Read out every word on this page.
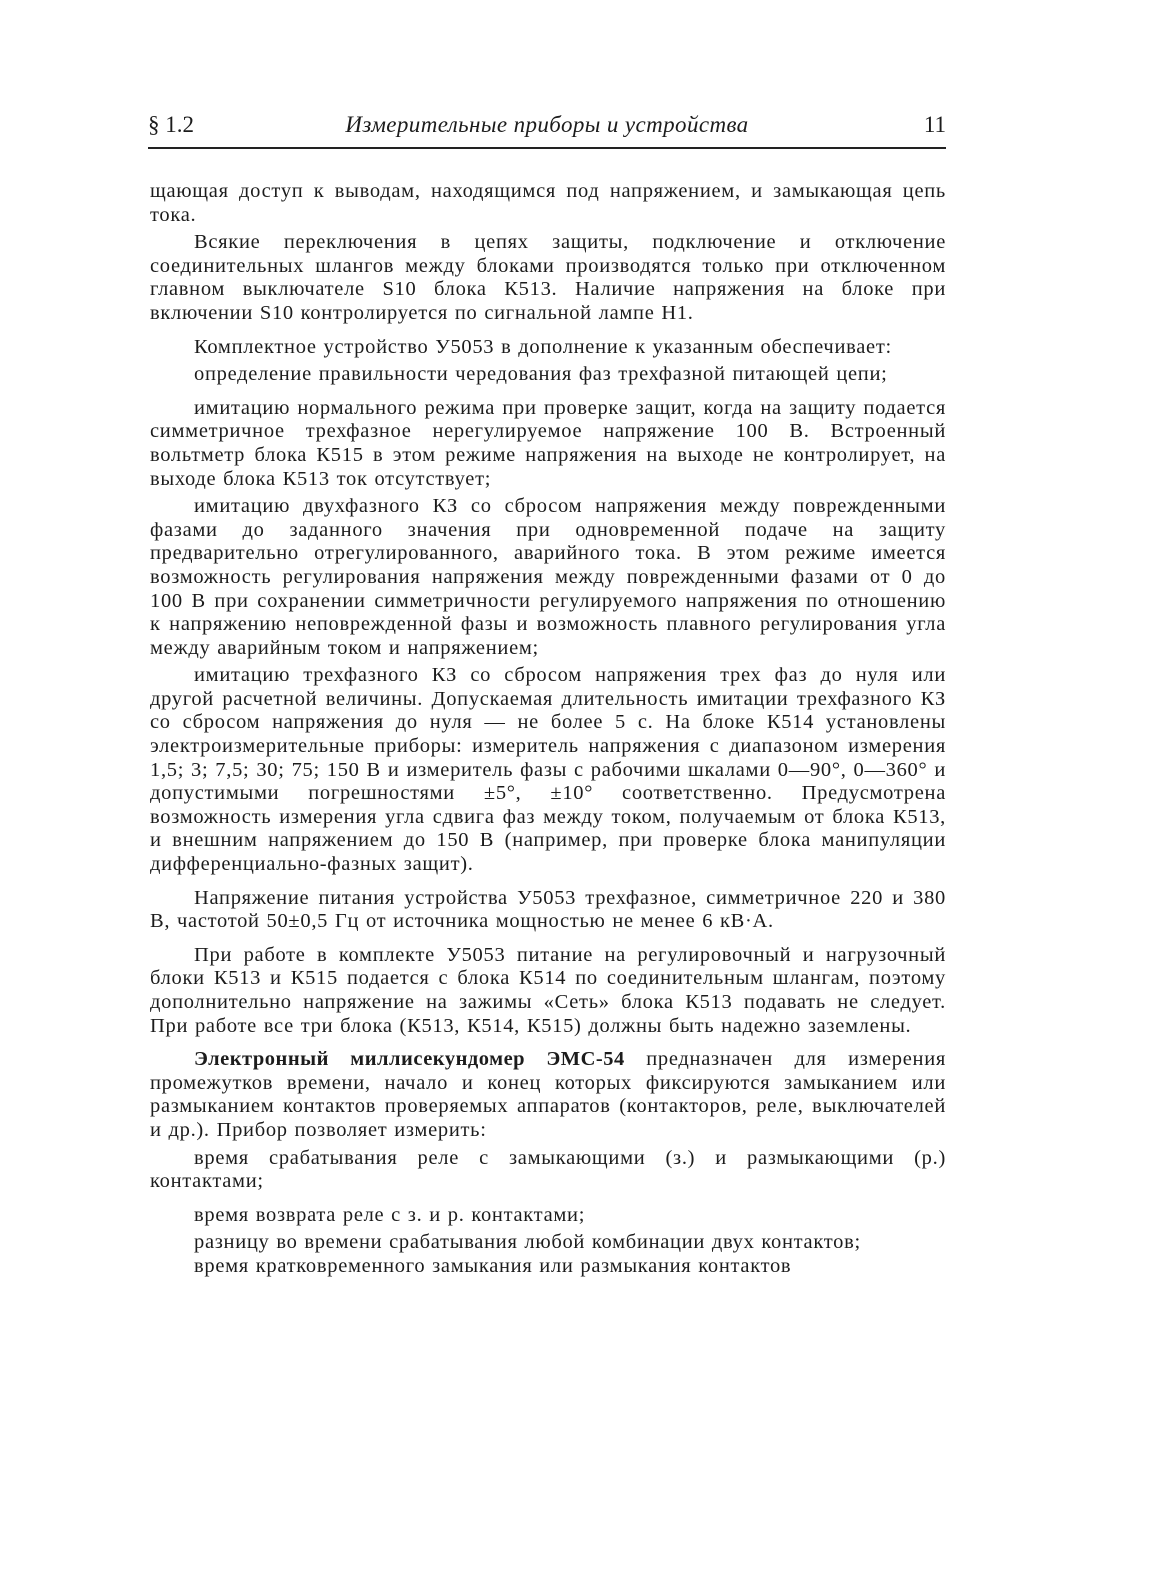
§ 1.2	Измерительные приборы и устройства	11

щающая доступ к выводам, находящимся под напряжением, и замыкающая цепь тока.

Всякие переключения в цепях защиты, подключение и отключение соединительных шлангов между блоками производятся только при отключенном главном выключателе S10 блока К513. Наличие напряжения на блоке при включении S10 контролируется по сигнальной лампе H1.

Комплектное устройство У5053 в дополнение к указанным обеспечивает:

определение правильности чередования фаз трехфазной питающей цепи;

имитацию нормального режима при проверке защит, когда на защиту подается симметричное трехфазное нерегулируемое напряжение 100 В. Встроенный вольтметр блока К515 в этом режиме напряжения на выходе не контролирует, на выходе блока К513 ток отсутствует;

имитацию двухфазного КЗ со сбросом напряжения между поврежденными фазами до заданного значения при одновременной подаче на защиту предварительно отрегулированного, аварийного тока. В этом режиме имеется возможность регулирования напряжения между поврежденными фазами от 0 до 100 В при сохранении симметричности регулируемого напряжения по отношению к напряжению неповрежденной фазы и возможность плавного регулирования угла между аварийным током и напряжением;

имитацию трехфазного КЗ со сбросом напряжения трех фаз до нуля или другой расчетной величины. Допускаемая длительность имитации трехфазного КЗ со сбросом напряжения до нуля — не более 5 с. На блоке К514 установлены электроизмерительные приборы: измеритель напряжения с диапазоном измерения 1,5; 3; 7,5; 30; 75; 150 В и измеритель фазы с рабочими шкалами 0—90°, 0—360° и допустимыми погрешностями ±5°, ±10° соответственно. Предусмотрена возможность измерения угла сдвига фаз между током, получаемым от блока К513, и внешним напряжением до 150 В (например, при проверке блока манипуляции дифференциально-фазных защит).

Напряжение питания устройства У5053 трехфазное, симметричное 220 и 380 В, частотой 50±0,5 Гц от источника мощностью не менее 6 кВ·А.

При работе в комплекте У5053 питание на регулировочный и нагрузочный блоки К513 и К515 подается с блока К514 по соединительным шлангам, поэтому дополнительно напряжение на зажимы «Сеть» блока К513 подавать не следует. При работе все три блока (К513, К514, К515) должны быть надежно заземлены.

Электронный миллисекундомер ЭМС-54 предназначен для измерения промежутков времени, начало и конец которых фиксируются замыканием или размыканием контактов проверяемых аппаратов (контакторов, реле, выключателей и др.). Прибор позволяет измерить:

время срабатывания реле с замыкающими (з.) и размыкающими (р.) контактами;

время возврата реле с з. и р. контактами;

разницу во времени срабатывания любой комбинации двух контактов;

время кратковременного замыкания или размыкания контактов
